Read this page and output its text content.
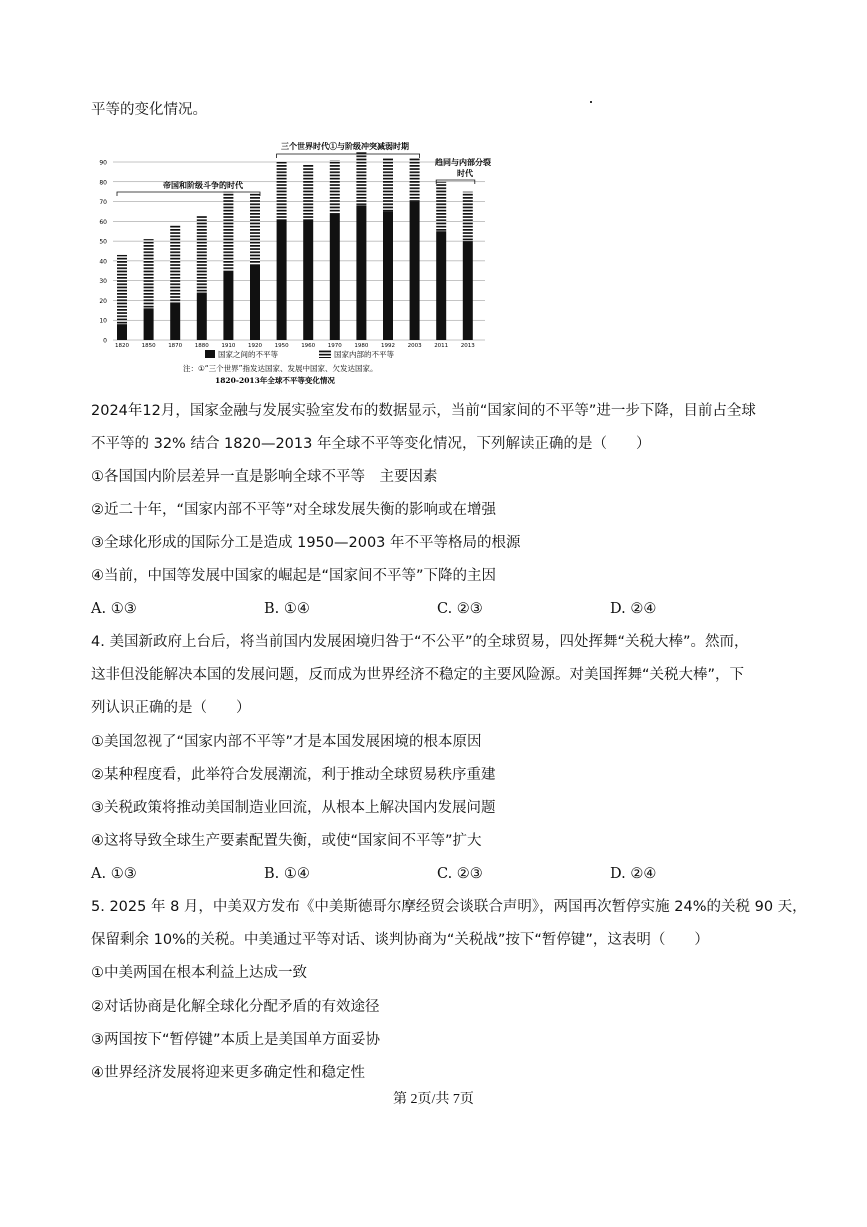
平等的变化情况。
0
10
20
30
40
50
60
70
80
90
1820 1850 1870 1880 1910 1920 1950 1960 1970 1980 1992 2003 2011 2013
帝国和阶级斗争的时代
三个世界时代①与阶级冲突减弱时期
趋同与内部分裂
时代
国家之间的不平等	国家内部的不平等
注：①“三个世界”指发达国家、发展中国家、欠发达国家。
1820-2013年全球不平等变化情况
2024年12月，国家金融与发展实验室发布的数据显示，当前“国家间的不平等”进一步下降，目前占全球
不平等的 32% 结合 1820—2013 年全球不平等变化情况，下列解读正确的是（　　）
①各国国内阶层差异一直是影响全球不平等　主要因素
②近二十年，“国家内部不平等”对全球发展失衡的影响或在增强
③全球化形成的国际分工是造成 1950—2003 年不平等格局的根源
④当前，中国等发展中国家的崛起是“国家间不平等”下降的主因
A. ①③	B. ①④	C. ②③	D. ②④
4. 美国新政府上台后，将当前国内发展困境归咎于“不公平”的全球贸易，四处挥舞“关税大棒”。然而，
这非但没能解决本国的发展问题，反而成为世界经济不稳定的主要风险源。对美国挥舞“关税大棒”，下
列认识正确的是（　　）
①美国忽视了“国家内部不平等”才是本国发展困境的根本原因
②某种程度看，此举符合发展潮流，利于推动全球贸易秩序重建
③关税政策将推动美国制造业回流，从根本上解决国内发展问题
④这将导致全球生产要素配置失衡，或使“国家间不平等”扩大
A. ①③	B. ①④	C. ②③	D. ②④
5. 2025 年 8 月，中美双方发布《中美斯德哥尔摩经贸会谈联合声明》，两国再次暂停实施 24%的关税 90 天，
保留剩余 10%的关税。中美通过平等对话、谈判协商为“关税战”按下“暂停键”，这表明（　　）
①中美两国在根本利益上达成一致
②对话协商是化解全球化分配矛盾的有效途径
③两国按下“暂停键”本质上是美国单方面妥协
④世界经济发展将迎来更多确定性和稳定性
第 2页/共 7页
